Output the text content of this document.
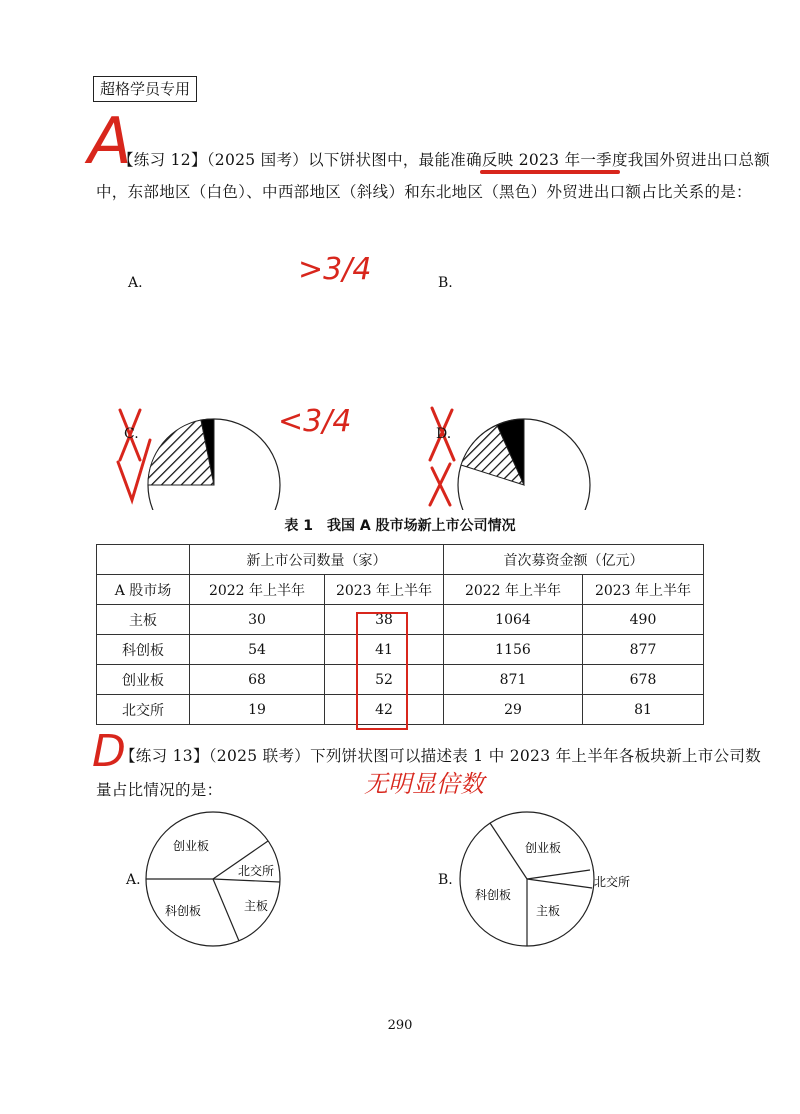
超格学员专用
【练习 12】（2025 国考）以下饼状图中，最能准确反映 2023 年一季度我国外贸进出口总额
中，东部地区（白色）、中西部地区（斜线）和东北地区（黑色）外贸进出口额占比关系的是：
A
A.	B.
C.	D.
>3/4
<3/4
表 1　我国 A 股市场新上市公司情况
	新上市公司数量（家）		首次募资金额（亿元）	
A 股市场	2022 年上半年	2023 年上半年	2022 年上半年	2023 年上半年
主板	30	38	1064	490
科创板	54	41	1156	877
创业板	68	52	871	678
北交所	19	42	29	81
D
【练习 13】（2025 联考）下列饼状图可以描述表 1 中 2023 年上半年各板块新上市公司数
量占比情况的是：	无明显倍数
创业板
北交所
科创板	主板
创业板
科创板
主板
北交所
A.	B.
290
